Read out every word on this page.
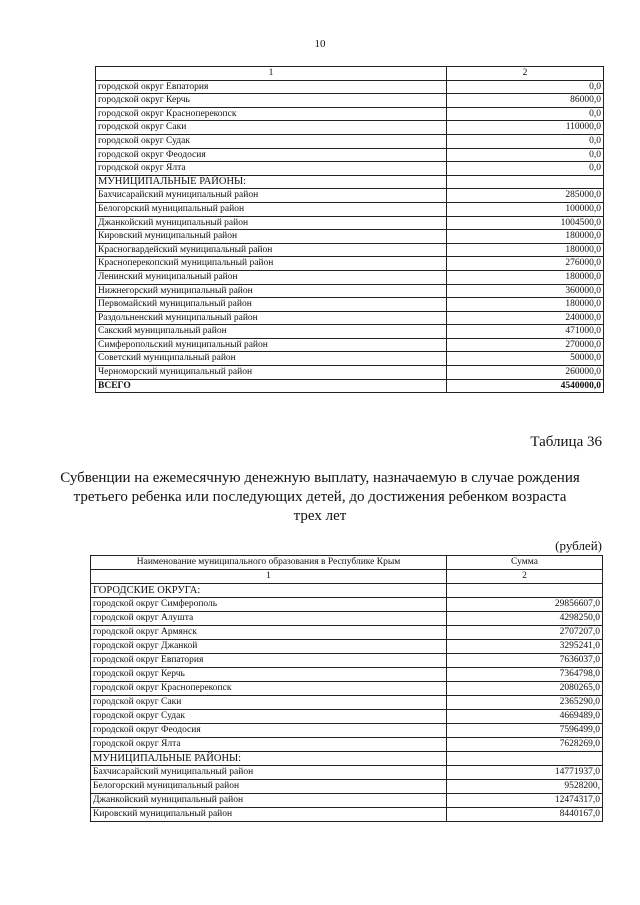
10
1	2
городской округ Евпатория	0,0
городской округ Керчь	86000,0
городской округ Красноперекопск	0,0
городской округ Саки	110000,0
городской округ Судак	0,0
городской округ Феодосия	0,0
городской округ Ялта	0,0
МУНИЦИПАЛЬНЫЕ РАЙОНЫ:	
Бахчисарайский муниципальный район	285000,0
Белогорский муниципальный район	100000,0
Джанкойский муниципальный район	1004500,0
Кировский муниципальный район	180000,0
Красногвардейский муниципальный район	180000,0
Красноперекопский муниципальный район	276000,0
Ленинский муниципальный район	180000,0
Нижнегорский муниципальный район	360000,0
Первомайский муниципальный район	180000,0
Раздольненский муниципальный район	240000,0
Сакский муниципальный район	471000,0
Симферопольский муниципальный район	270000,0
Советский муниципальный район	50000,0
Черноморский муниципальный район	260000,0
ВСЕГО	4540000,0
Таблица 36
Субвенции на ежемесячную денежную выплату, назначаемую в случае рождения третьего ребенка или последующих детей, до достижения ребенком возраста трех лет
(рублей)
Наименование муниципального образования в Республике Крым	Сумма
1	2
ГОРОДСКИЕ ОКРУГА:	
городской округ Симферополь	29856607,0
городской округ Алушта	4298250,0
городской округ Армянск	2707207,0
городской округ Джанкой	3295241,0
городской округ Евпатория	7636037,0
городской округ Керчь	7364798,0
городской округ Красноперекопск	2080265,0
городской округ Саки	2365290,0
городской округ Судак	4669489,0
городской округ Феодосия	7596499,0
городской округ Ялта	7628269,0
МУНИЦИПАЛЬНЫЕ РАЙОНЫ:	
Бахчисарайский муниципальный район	14771937,0
Белогорский муниципальный район	9528200,
Джанкойский муниципальный район	12474317,0
Кировский муниципальный район	8440167,0
